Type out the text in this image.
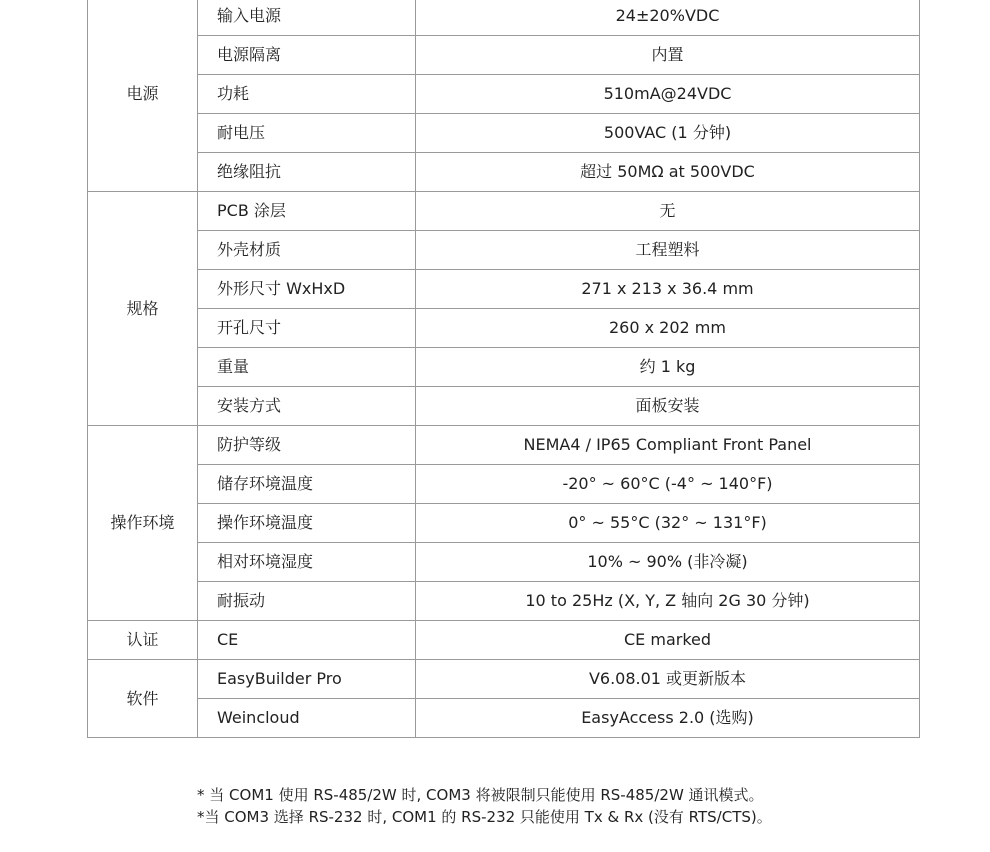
电源	输入电源	24±20%VDC
	电源隔离	内置
	功耗	510mA@24VDC
	耐电压	500VAC (1 分钟)
	绝缘阻抗	超过 50MΩ at 500VDC
规格	PCB 涂层	无
	外壳材质	工程塑料
	外形尺寸 WxHxD	271 x 213 x 36.4 mm
	开孔尺寸	260 x 202 mm
	重量	约 1 kg
	安装方式	面板安装
操作环境	防护等级	NEMA4 / IP65 Compliant Front Panel
	储存环境温度	-20° ~ 60°C (-4° ~ 140°F)
	操作环境温度	0° ~ 55°C (32° ~ 131°F)
	相对环境湿度	10% ~ 90% (非冷凝)
	耐振动	10 to 25Hz (X, Y, Z 轴向 2G 30 分钟)
认证	CE	CE marked
软件	EasyBuilder Pro	V6.08.01 或更新版本
	Weincloud	EasyAccess 2.0 (选购)
* 当 COM1 使用 RS-485/2W 时, COM3 将被限制只能使用 RS-485/2W 通讯模式。
*当 COM3 选择 RS-232 时, COM1 的 RS-232 只能使用 Tx & Rx (没有 RTS/CTS)。
